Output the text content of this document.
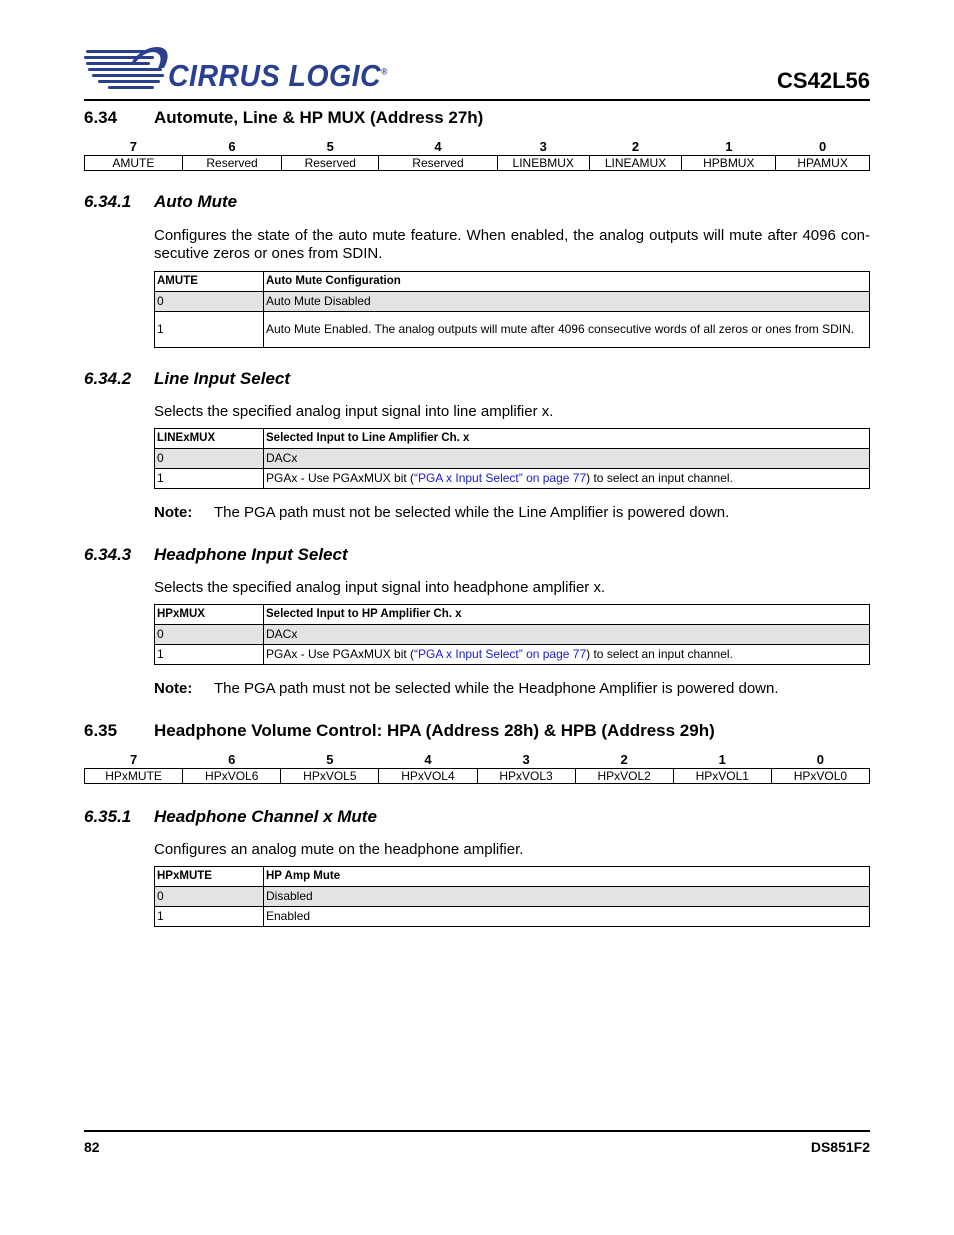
CIRRUS LOGIC®	CS42L56
6.34 Automute, Line & HP MUX (Address 27h)
7	6	5	4	3	2	1	0
AMUTE	Reserved	Reserved	Reserved	LINEBMUX	LINEAMUX	HPBMUX	HPAMUX
6.34.1 Auto Mute

Configures the state of the auto mute feature. When enabled, the analog outputs will mute after 4096 con-secutive zeros or ones from SDIN.

AMUTE	Auto Mute Configuration
0	Auto Mute Disabled
1	Auto Mute Enabled. The analog outputs will mute after 4096 consecutive words of all zeros or ones from SDIN.
6.34.2 Line Input Select

Selects the specified analog input signal into line amplifier x.

LINExMUX	Selected Input to Line Amplifier Ch. x
0	DACx
1	PGAx - Use PGAxMUX bit (“PGA x Input Select” on page 77) to select an input channel.
Note: The PGA path must not be selected while the Line Amplifier is powered down.
6.34.3 Headphone Input Select

Selects the specified analog input signal into headphone amplifier x.

HPxMUX	Selected Input to HP Amplifier Ch. x
0	DACx
1	PGAx - Use PGAxMUX bit (“PGA x Input Select” on page 77) to select an input channel.
Note: The PGA path must not be selected while the Headphone Amplifier is powered down.
6.35 Headphone Volume Control: HPA (Address 28h) & HPB (Address 29h)
7	6	5	4	3	2	1	0
HPxMUTE	HPxVOL6	HPxVOL5	HPxVOL4	HPxVOL3	HPxVOL2	HPxVOL1	HPxVOL0
6.35.1 Headphone Channel x Mute

Configures an analog mute on the headphone amplifier.

HPxMUTE	HP Amp Mute
0	Disabled
1	Enabled
82	DS851F2
